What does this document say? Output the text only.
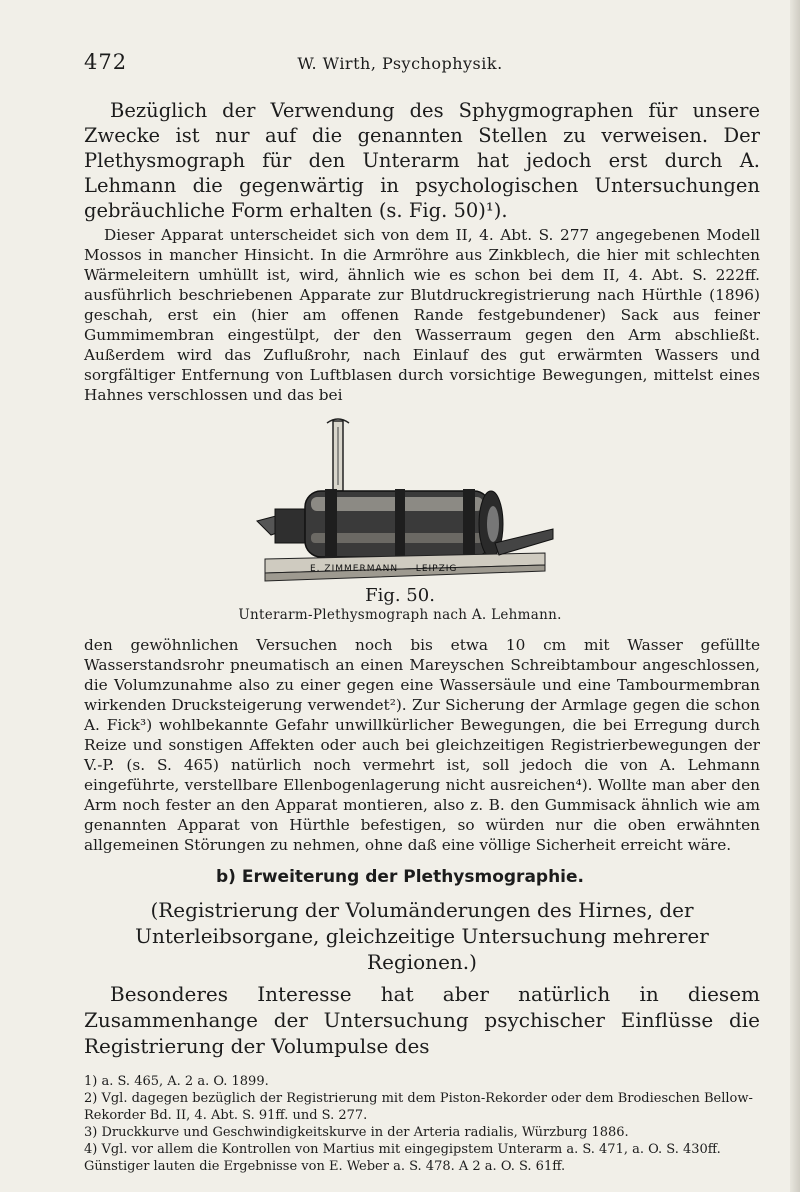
472	W. Wirth, Psychophysik.

Bezüglich der Verwendung des Sphygmographen für unsere Zwecke ist nur auf die genannten Stellen zu verweisen. Der Plethysmograph für den Unterarm hat jedoch erst durch A. Lehmann die gegenwärtig in psychologischen Untersuchungen gebräuchliche Form erhalten (s. Fig. 50)¹).

Dieser Apparat unterscheidet sich von dem II, 4. Abt. S. 277 angegebenen Modell Mossos in mancher Hinsicht. In die Armröhre aus Zinkblech, die hier mit schlechten Wärmeleitern umhüllt ist, wird, ähnlich wie es schon bei dem II, 4. Abt. S. 222ff. ausführlich beschriebenen Apparate zur Blutdruckregistrierung nach Hürthle (1896) geschah, erst ein (hier am offenen Rande festgebundener) Sack aus feiner Gummimembran eingestülpt, der den Wasserraum gegen den Arm abschließt. Außerdem wird das Zuflußrohr, nach Einlauf des gut erwärmten Wassers und sorgfältiger Entfernung von Luftblasen durch vorsichtige Bewegungen, mittelst eines Hahnes verschlossen und das bei

E. ZIMMERMANN — LEIPZIG
Fig. 50.
Unterarm-Plethysmograph nach A. Lehmann.

den gewöhnlichen Versuchen noch bis etwa 10 cm mit Wasser gefüllte Wasserstandsrohr pneumatisch an einen Mareyschen Schreibtambour angeschlossen, die Volumzunahme also zu einer gegen eine Wassersäule und eine Tambourmembran wirkenden Drucksteigerung verwendet²). Zur Sicherung der Armlage gegen die schon A. Fick³) wohlbekannte Gefahr unwillkürlicher Bewegungen, die bei Erregung durch Reize und sonstigen Affekten oder auch bei gleichzeitigen Registrierbewegungen der V.-P. (s. S. 465) natürlich noch vermehrt ist, soll jedoch die von A. Lehmann eingeführte, verstellbare Ellenbogenlagerung nicht ausreichen⁴). Wollte man aber den Arm noch fester an den Apparat montieren, also z. B. den Gummisack ähnlich wie am genannten Apparat von Hürthle befestigen, so würden nur die oben erwähnten allgemeinen Störungen zu nehmen, ohne daß eine völlige Sicherheit erreicht wäre.

b) Erweiterung der Plethysmographie.

(Registrierung der Volumänderungen des Hirnes, der Unterleibsorgane, gleichzeitige Untersuchung mehrerer Regionen.)

Besonderes Interesse hat aber natürlich in diesem Zusammenhange der Untersuchung psychischer Einflüsse die Registrierung der Volumpulse des

1) a. S. 465, A. 2 a. O. 1899.
2) Vgl. dagegen bezüglich der Registrierung mit dem Piston-Rekorder oder dem Brodieschen Bellow-Rekorder Bd. II, 4. Abt. S. 91ff. und S. 277.
3) Druckkurve und Geschwindigkeitskurve in der Arteria radialis, Würzburg 1886.
4) Vgl. vor allem die Kontrollen von Martius mit eingegipstem Unterarm a. S. 471, a. O. S. 430ff. Günstiger lauten die Ergebnisse von E. Weber a. S. 478. A 2 a. O. S. 61ff.
